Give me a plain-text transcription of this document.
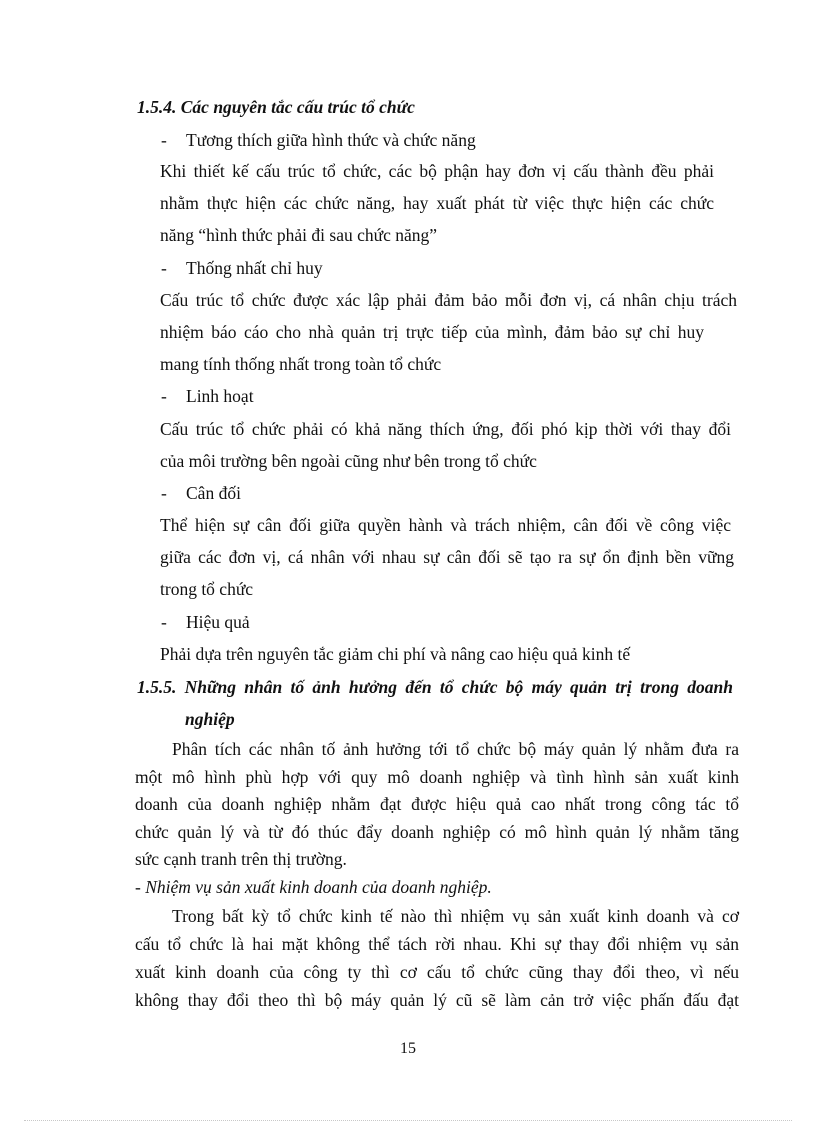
1.5.4. Các nguyên tắc cấu trúc tổ chức
- Tương thích giữa hình thức và chức năng
Khi thiết kế cấu trúc tổ chức, các bộ phận hay đơn vị cấu thành đều phải
nhằm thực hiện các chức năng, hay xuất phát từ việc thực hiện các chức
năng “hình thức phải đi sau chức năng”
- Thống nhất chỉ huy
Cấu trúc tổ chức được xác lập phải đảm bảo mỗi đơn vị, cá nhân chịu trách
nhiệm báo cáo cho nhà quản trị trực tiếp của mình, đảm bảo sự chỉ huy
mang tính thống nhất trong toàn tổ chức
- Linh hoạt
Cấu trúc tổ chức phải có khả năng thích ứng, đối phó kịp thời với thay đổi
của môi trường bên ngoài cũng như bên trong tổ chức
- Cân đối
Thể hiện sự cân đối giữa quyền hành và trách nhiệm, cân đối về công việc
giữa các đơn vị, cá nhân với nhau sự cân đối sẽ tạo ra sự ổn định bền vững
trong tổ chức
- Hiệu quả
Phải dựa trên nguyên tắc giảm chi phí và nâng cao hiệu quả kinh tế
1.5.5. Những nhân tố ảnh hưởng đến tổ chức bộ máy quản trị trong doanh
nghiệp
Phân tích các nhân tố ảnh hưởng tới tổ chức bộ máy quản lý nhằm đưa ra
một mô hình phù hợp với quy mô doanh nghiệp và tình hình sản xuất kinh
doanh của doanh nghiệp nhằm đạt được hiệu quả cao nhất trong công tác tổ
chức quản lý và từ đó thúc đẩy doanh nghiệp có mô hình quản lý nhằm tăng
sức cạnh tranh trên thị trường.
- Nhiệm vụ sản xuất kinh doanh của doanh nghiệp.
Trong bất kỳ tổ chức kinh tế nào thì nhiệm vụ sản xuất kinh doanh và cơ
cấu tổ chức là hai mặt không thể tách rời nhau. Khi sự thay đổi nhiệm vụ sản
xuất kinh doanh của công ty thì cơ cấu tổ chức cũng thay đổi theo, vì nếu
không thay đổi theo thì bộ máy quản lý cũ sẽ làm cản trở việc phấn đấu đạt
15
